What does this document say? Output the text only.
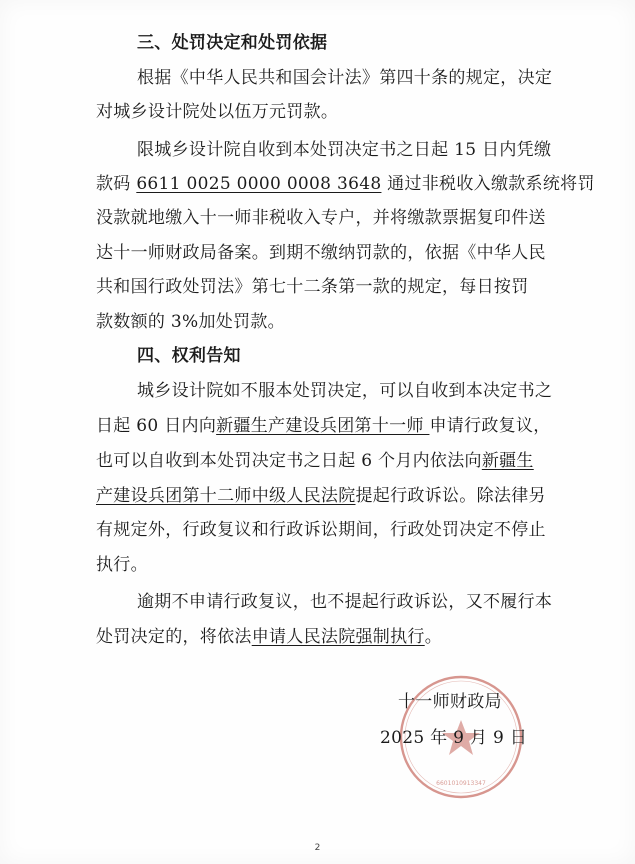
三、处罚决定和处罚依据
根据《中华人民共和国会计法》第四十条的规定，决定
对城乡设计院处以伍万元罚款。
限城乡设计院自收到本处罚决定书之日起 15 日内凭缴
款码 6611 0025 0000 0008 3648 通过非税收入缴款系统将罚
没款就地缴入十一师非税收入专户，并将缴款票据复印件送
达十一师财政局备案。到期不缴纳罚款的，依据《中华人民
共和国行政处罚法》第七十二条第一款的规定，每日按罚
款数额的 3%加处罚款。
四、权利告知
城乡设计院如不服本处罚决定，可以自收到本决定书之
日起 60 日内向新疆生产建设兵团第十一师 申请行政复议，
也可以自收到本处罚决定书之日起 6 个月内依法向新疆生
产建设兵团第十二师中级人民法院提起行政诉讼。除法律另
有规定外，行政复议和行政诉讼期间，行政处罚决定不停止
执行。
逾期不申请行政复议，也不提起行政诉讼，又不履行本
处罚决定的，将依法申请人民法院强制执行。
6601010913347
十一师财政局
2025 年 9 月 9 日
2
